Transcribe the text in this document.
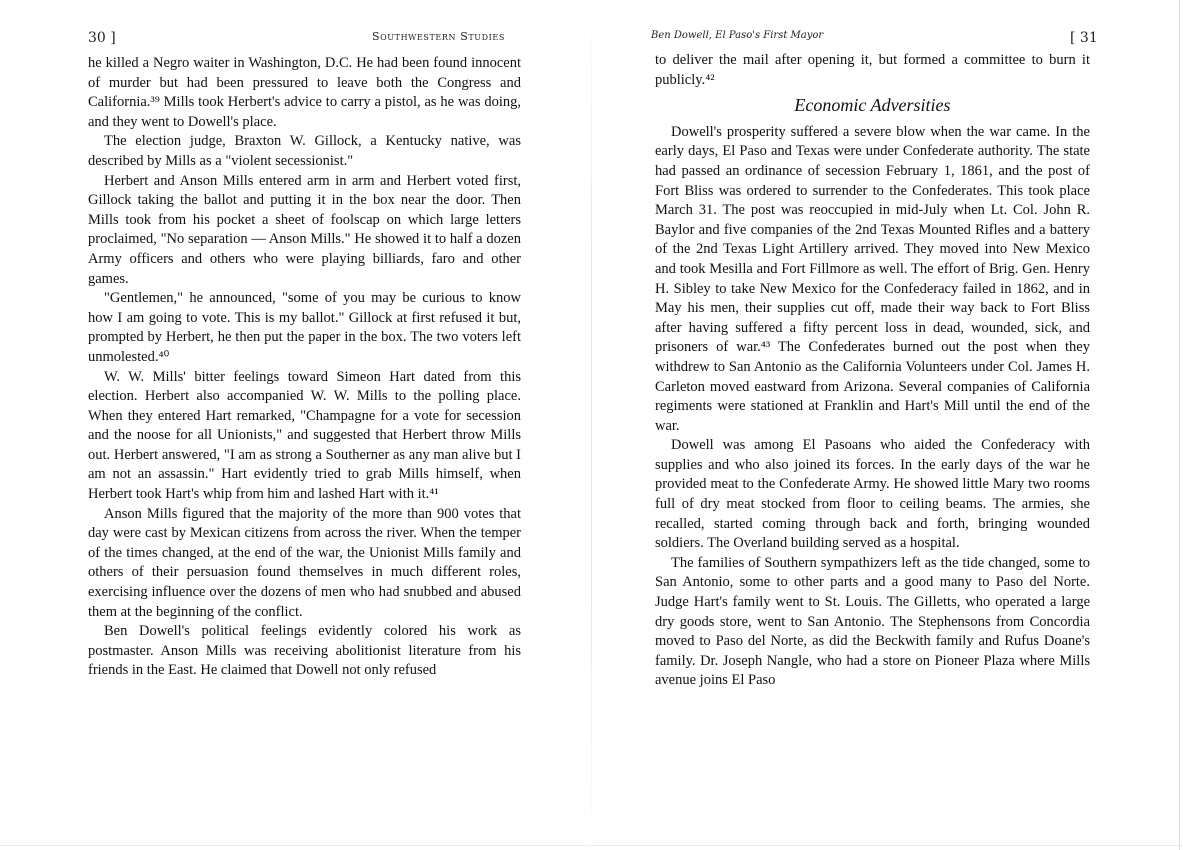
30 ]	Southwestern Studies

he killed a Negro waiter in Washington, D.C. He had been found innocent of murder but had been pressured to leave both the Congress and California.³⁹ Mills took Herbert's advice to carry a pistol, as he was doing, and they went to Dowell's place.

The election judge, Braxton W. Gillock, a Kentucky native, was described by Mills as a "violent secessionist."

Herbert and Anson Mills entered arm in arm and Herbert voted first, Gillock taking the ballot and putting it in the box near the door. Then Mills took from his pocket a sheet of foolscap on which large letters proclaimed, "No separation — Anson Mills." He showed it to half a dozen Army officers and others who were playing billiards, faro and other games.

"Gentlemen," he announced, "some of you may be curious to know how I am going to vote. This is my ballot." Gillock at first refused it but, prompted by Herbert, he then put the paper in the box. The two voters left unmolested.⁴⁰

W. W. Mills' bitter feelings toward Simeon Hart dated from this election. Herbert also accompanied W. W. Mills to the polling place. When they entered Hart remarked, "Champagne for a vote for secession and the noose for all Unionists," and suggested that Herbert throw Mills out. Herbert answered, "I am as strong a Southerner as any man alive but I am not an assassin." Hart evidently tried to grab Mills himself, when Herbert took Hart's whip from him and lashed Hart with it.⁴¹

Anson Mills figured that the majority of the more than 900 votes that day were cast by Mexican citizens from across the river. When the temper of the times changed, at the end of the war, the Unionist Mills family and others of their persuasion found themselves in much different roles, exercising influence over the dozens of men who had snubbed and abused them at the beginning of the conflict.

Ben Dowell's political feelings evidently colored his work as postmaster. Anson Mills was receiving abolitionist literature from his friends in the East. He claimed that Dowell not only refused

Ben Dowell, El Paso's First Mayor	[ 31

to deliver the mail after opening it, but formed a committee to burn it publicly.⁴²

Economic Adversities

Dowell's prosperity suffered a severe blow when the war came. In the early days, El Paso and Texas were under Confederate authority. The state had passed an ordinance of secession February 1, 1861, and the post of Fort Bliss was ordered to surrender to the Confederates. This took place March 31. The post was reoccupied in mid-July when Lt. Col. John R. Baylor and five companies of the 2nd Texas Mounted Rifles and a battery of the 2nd Texas Light Artillery arrived. They moved into New Mexico and took Mesilla and Fort Fillmore as well. The effort of Brig. Gen. Henry H. Sibley to take New Mexico for the Confederacy failed in 1862, and in May his men, their supplies cut off, made their way back to Fort Bliss after having suffered a fifty percent loss in dead, wounded, sick, and prisoners of war.⁴³ The Confederates burned out the post when they withdrew to San Antonio as the California Volunteers under Col. James H. Carleton moved eastward from Arizona. Several companies of California regiments were stationed at Franklin and Hart's Mill until the end of the war.

Dowell was among El Pasoans who aided the Confederacy with supplies and who also joined its forces. In the early days of the war he provided meat to the Confederate Army. He showed little Mary two rooms full of dry meat stocked from floor to ceiling beams. The armies, she recalled, started coming through back and forth, bringing wounded soldiers. The Overland building served as a hospital.

The families of Southern sympathizers left as the tide changed, some to San Antonio, some to other parts and a good many to Paso del Norte. Judge Hart's family went to St. Louis. The Gilletts, who operated a large dry goods store, went to San Antonio. The Stephensons from Concordia moved to Paso del Norte, as did the Beckwith family and Rufus Doane's family. Dr. Joseph Nangle, who had a store on Pioneer Plaza where Mills avenue joins El Paso
